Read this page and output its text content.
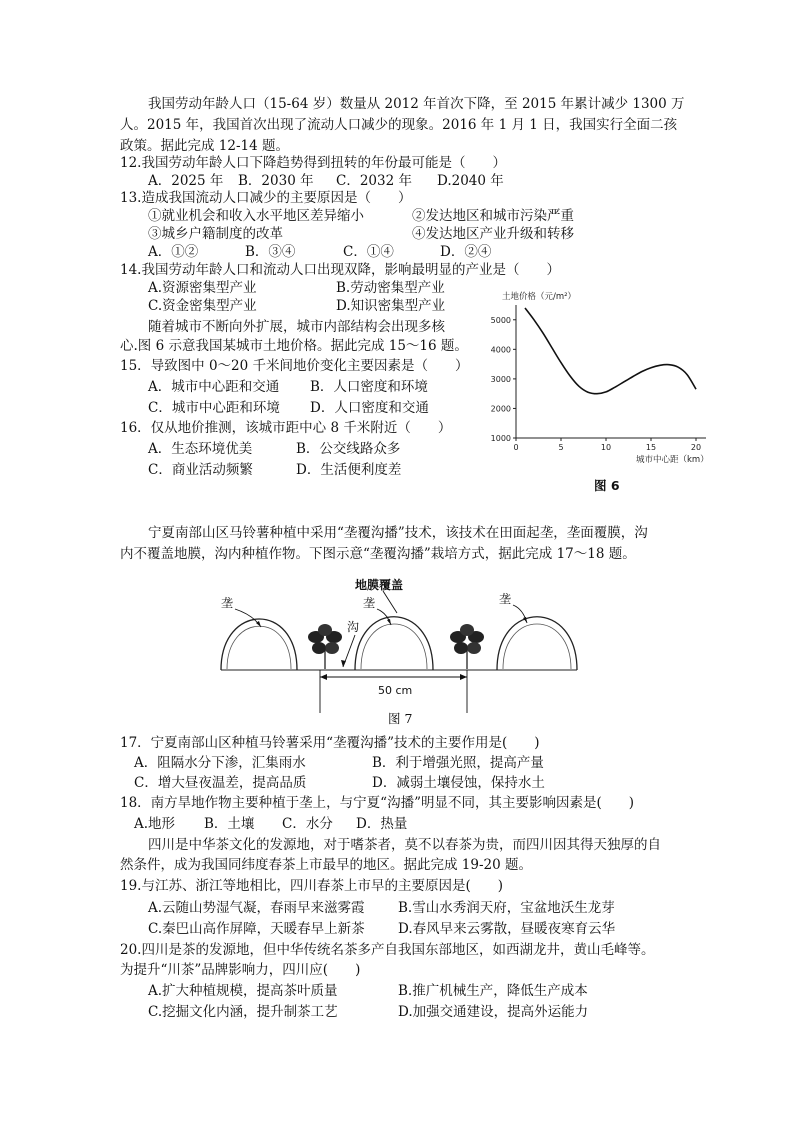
我国劳动年龄人口（15-64 岁）数量从 2012 年首次下降，至 2015 年累计减少 1300 万
人。2015 年，我国首次出现了流动人口减少的现象。2016 年 1 月 1 日，我国实行全面二孩
政策。据此完成 12-14 题。
12.我国劳动年龄人口下降趋势得到扭转的年份最可能是（　　）
A．2025 年 B．2030 年 C．2032 年 D.2040 年
13.造成我国流动人口减少的主要原因是（　　）
①就业机会和收入水平地区差异缩小	②发达地区和城市污染严重
③城乡户籍制度的改革	④发达地区产业升级和转移
A．①②	B．③④	C．①④	D．②④
14.我国劳动年龄人口和流动人口出现双降，影响最明显的产业是（　　）
A.资源密集型产业	B.劳动密集型产业
C.资金密集型产业	D.知识密集型产业
随着城市不断向外扩展，城市内部结构会出现多核
心.图 6 示意我国某城市土地价格。据此完成 15～16 题。
15．导致图中 0～20 千米间地价变化主要因素是（　　）
A．城市中心距和交通 B．人口密度和环境
C．城市中心距和环境 D．人口密度和交通
16．仅从地价推测，该城市距中心 8 千米附近（　　）
A．生态环境优美	B．公交线路众多
C．商业活动频繁	D．生活便利度差
土地价格（元/m²）
1000
2000
3000
4000
5000
0	5	10	15	20
城市中心距（km）
图 6
宁夏南部山区马铃薯种植中采用“垄覆沟播”技术，该技术在田面起垄，垄面覆膜，沟
内不覆盖地膜，沟内种植作物。下图示意“垄覆沟播”栽培方式，据此完成 17～18 题。
地膜覆盖
垄	垄	垄
沟
50 cm
图 7
17．宁夏南部山区种植马铃薯采用“垄覆沟播”技术的主要作用是(　　)
A．阻隔水分下渗，汇集雨水	B．利于增强光照，提高产量
C．增大昼夜温差，提高品质	D．减弱土壤侵蚀，保持水土
18．南方旱地作物主要种植于垄上，与宁夏“沟播”明显不同，其主要影响因素是(　　)
A.地形 B．土壤 C．水分 D．热量
四川是中华茶文化的发源地，对于嗜茶者，莫不以春茶为贵，而四川因其得天独厚的自
然条件，成为我国同纬度春茶上市最早的地区。据此完成 19-20 题。
19.与江苏、浙江等地相比，四川春茶上市早的主要原因是(　　)
A.云随山势湿气凝，春雨早来滋雾霞 B.雪山水秀润天府，宝盆地沃生龙芽
C.秦巴山高作屏障，天暖春早上新茶 D.春风早来云雾散，昼暖夜寒育云华
20.四川是茶的发源地，但中华传统名茶多产自我国东部地区，如西湖龙井，黄山毛峰等。
为提升“川茶”品牌影响力，四川应(　　)
A.扩大种植规模，提高茶叶质量	B.推广机械生产，降低生产成本
C.挖掘文化内涵，提升制茶工艺	D.加强交通建设，提高外运能力
